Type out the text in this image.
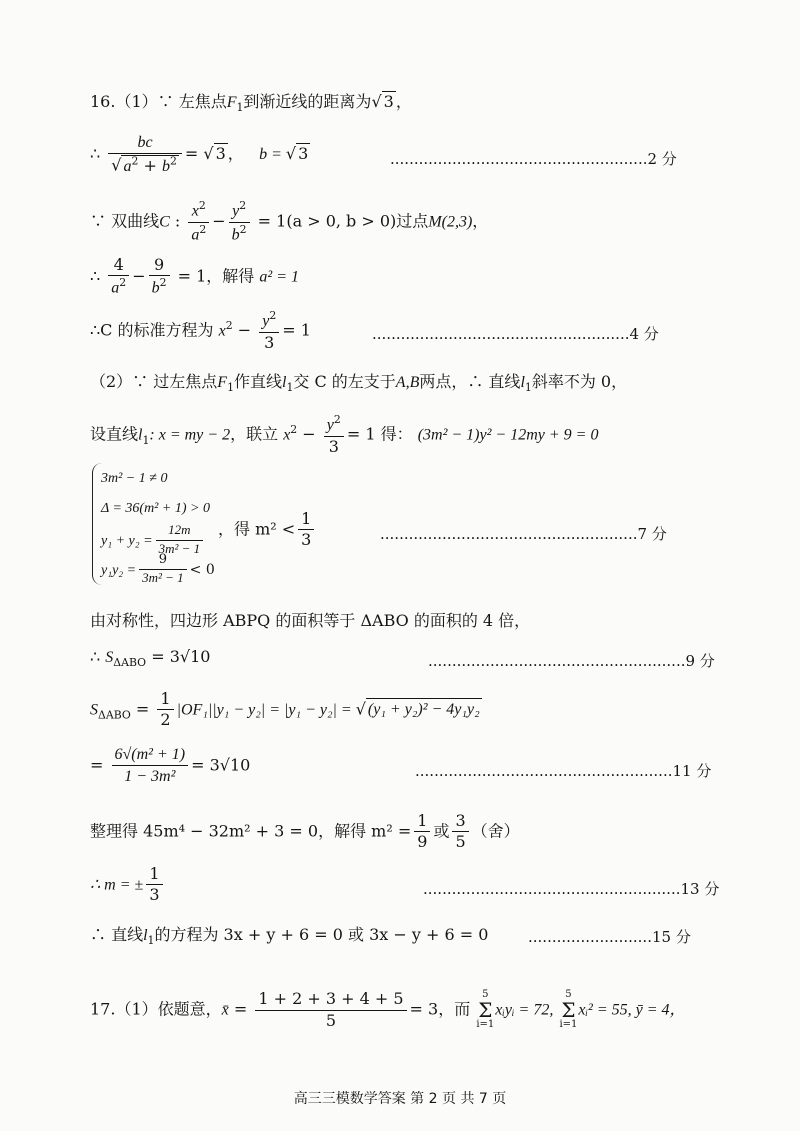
16.（1）∵ 左焦点$F_1$到渐近线的距离为√ 3 ，
∴ $\frac{bc}{√ a^2 + b^2}$ = √ 3 ， b = √ 3	......................................................2 分
∵ 双曲线C : $\frac{x^2}{a^2} - \frac{y^2}{b^2} = 1(a > 0$, b > 0)过点M(2,3)，
∴ $\frac{4}{a^2} - \frac{9}{b^2} = 1$，解得 a² = 1
∴C 的标准方程为 $x^2 - \frac{y^2}{3} = 1$	......................................................4 分
（2）∵ 过左焦点$F_1$作直线$l_1$交 C 的左支于A,B两点，∴ 直线$l_1$斜率不为 0，
设直线$l_1$: x = my − 2，联立 $x^2 - \frac{y^2}{3} = 1$ 得： (3m² − 1)y² − 12my + 9 = 0
3m² − 1 ≠ 0
Δ = 36(m² + 1) > 0
$y_1 + y_2 = \frac{12m}{\text{3m² − 1}}$
$y_1y_2 = \frac{9}{\text{3m² − 1}} < 0$
，得 $m^2 < \frac{1}{3}$	......................................................7 分
由对称性，四边形 ABPQ 的面积等于 ΔABO 的面积的 4 倍，
∴ $S_{\Delta ABO} = 3√10$	......................................................9 分
$S_{\Delta ABO} = \frac{1}{2} |OF_1||y_1 - y_2| = |y_1 - y_2|$ = √ (y₁ + y₂)² − 4y₁y₂
= $\frac{\text{6√(m² + 1)}}{\text{1 − 3m²}} = 3√10$	......................................................11 分
整理得 45m⁴ − 32m² + 3 = 0，解得 $m^2 = \frac{1}{9}$ 或 $\frac{3}{5}$ （舍）
∴ m = ± $\frac{1}{3}$	......................................................13 分
∴ 直线$l_1$的方程为 3x + y + 6 = 0 或 3x − y + 6 = 0	..........................15 分
17.（1）依题意，x̄ = $\frac{1 + 2 + 3 + 4 + 5}{5} = 3$，而 5
Σ
i=1xᵢyᵢ = 72, 5
Σ
i=1xᵢ² = 55, ȳ = 4，
高三三模数学答案 第 2 页 共 7 页
